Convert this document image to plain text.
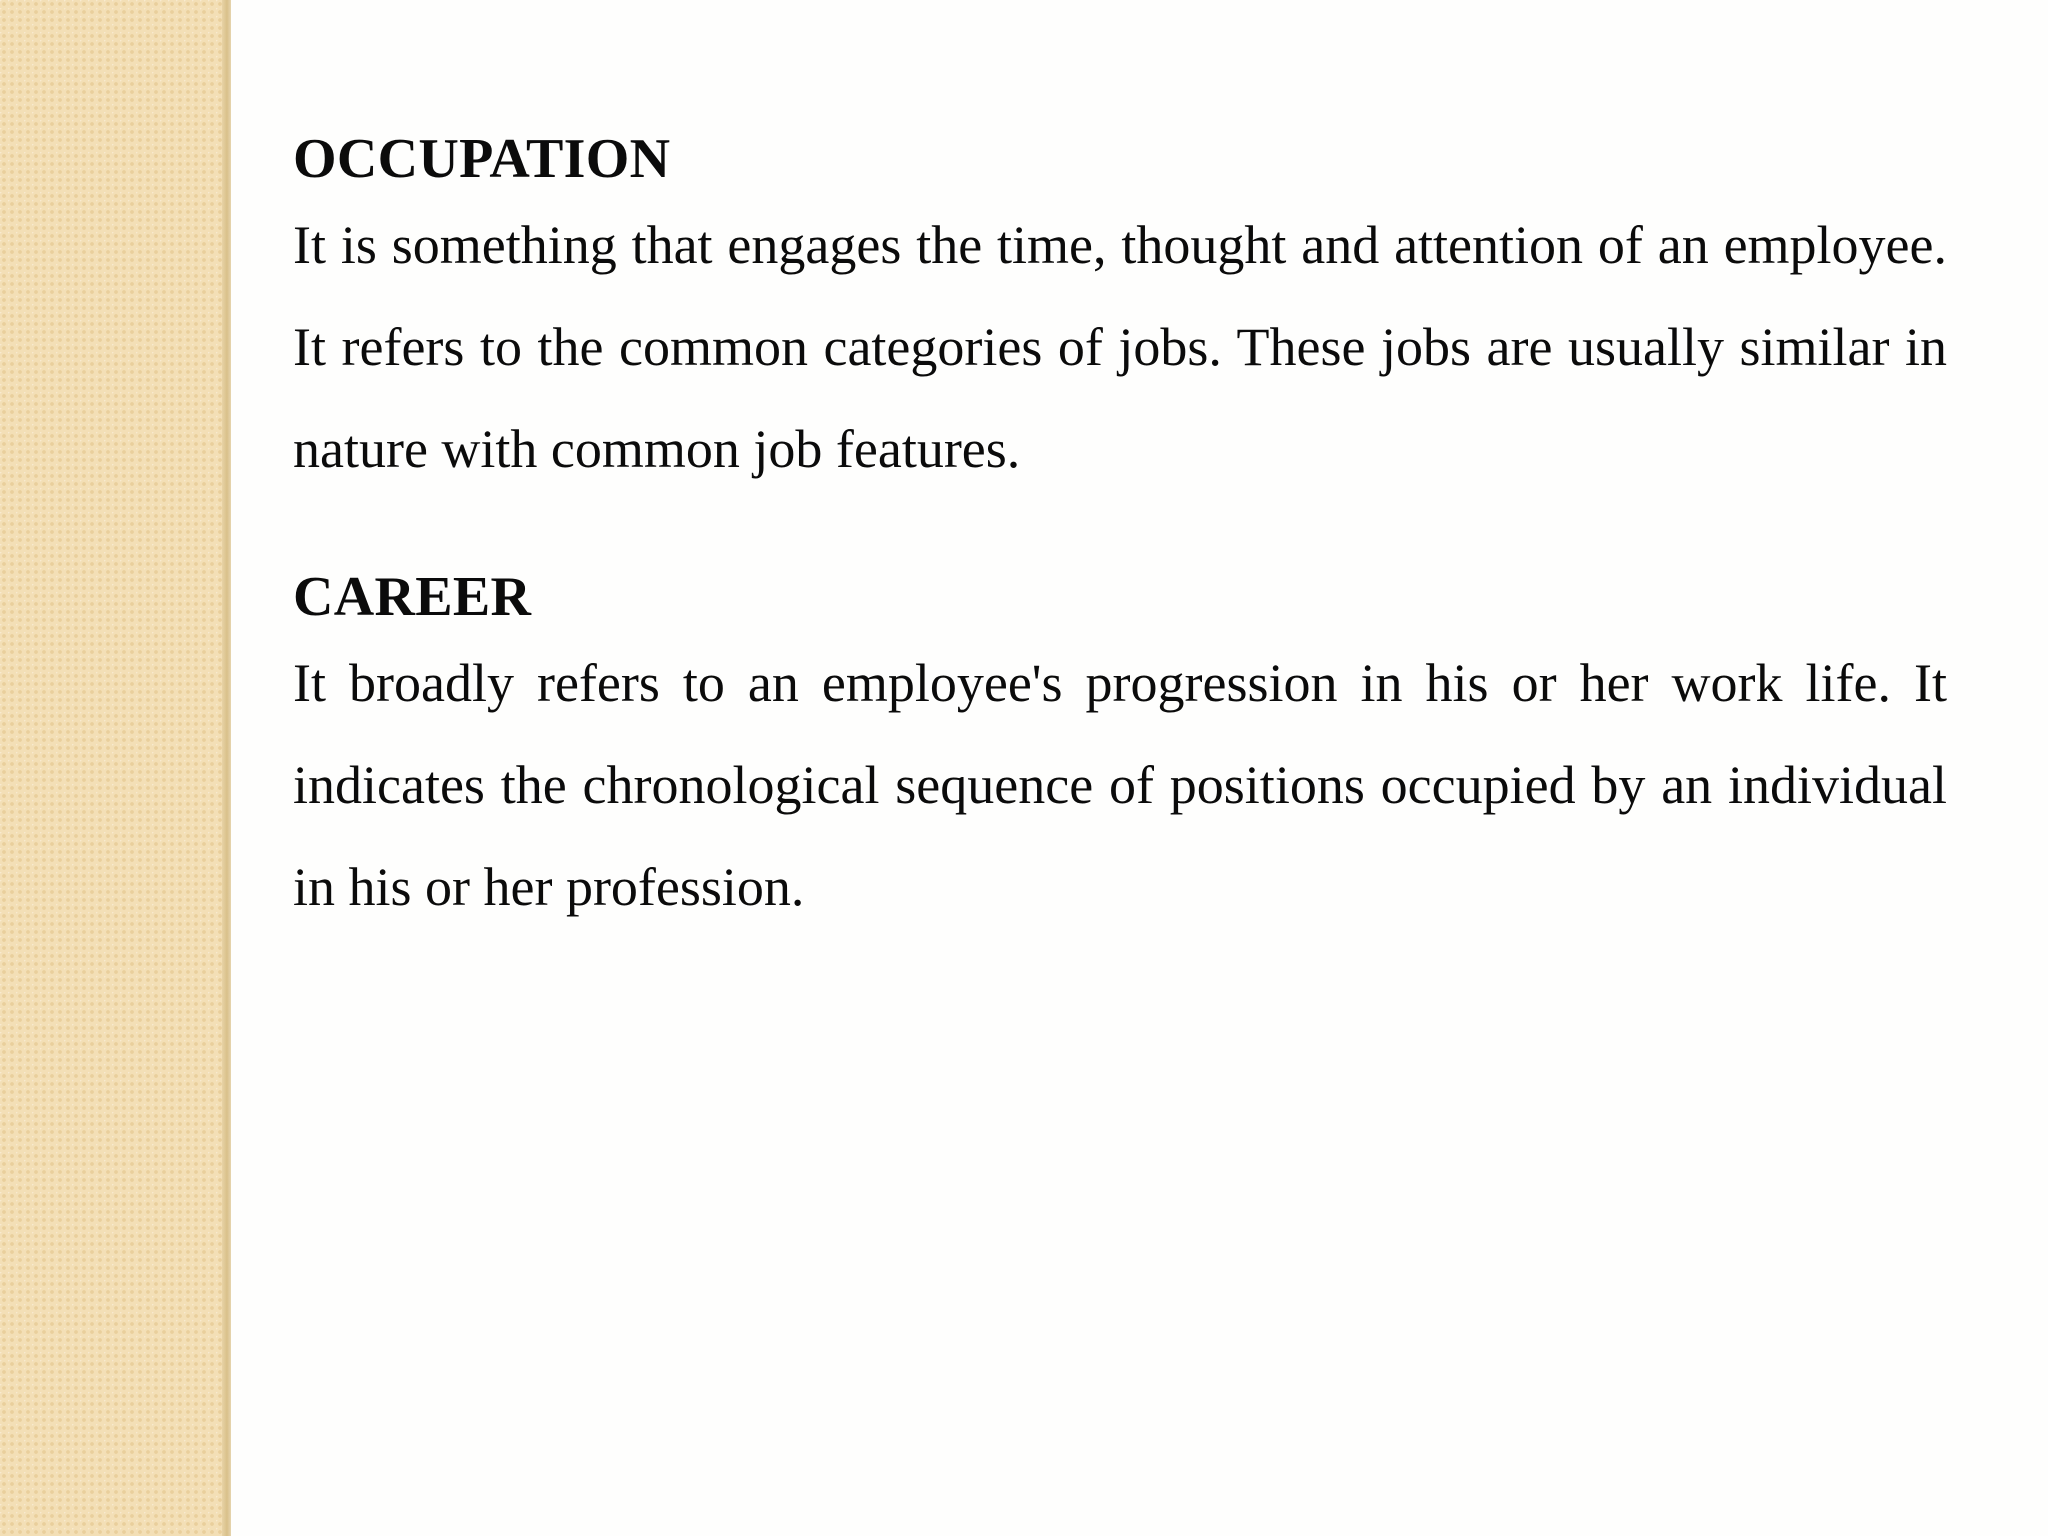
OCCUPATION

It is something that engages the time, thought and attention of an employee. It refers to the common categories of jobs. These jobs are usually similar in nature with common job features.

CAREER

It broadly refers to an employee's progression in his or her work life. It indicates the chronological sequence of positions occupied by an individual in his or her profession.
